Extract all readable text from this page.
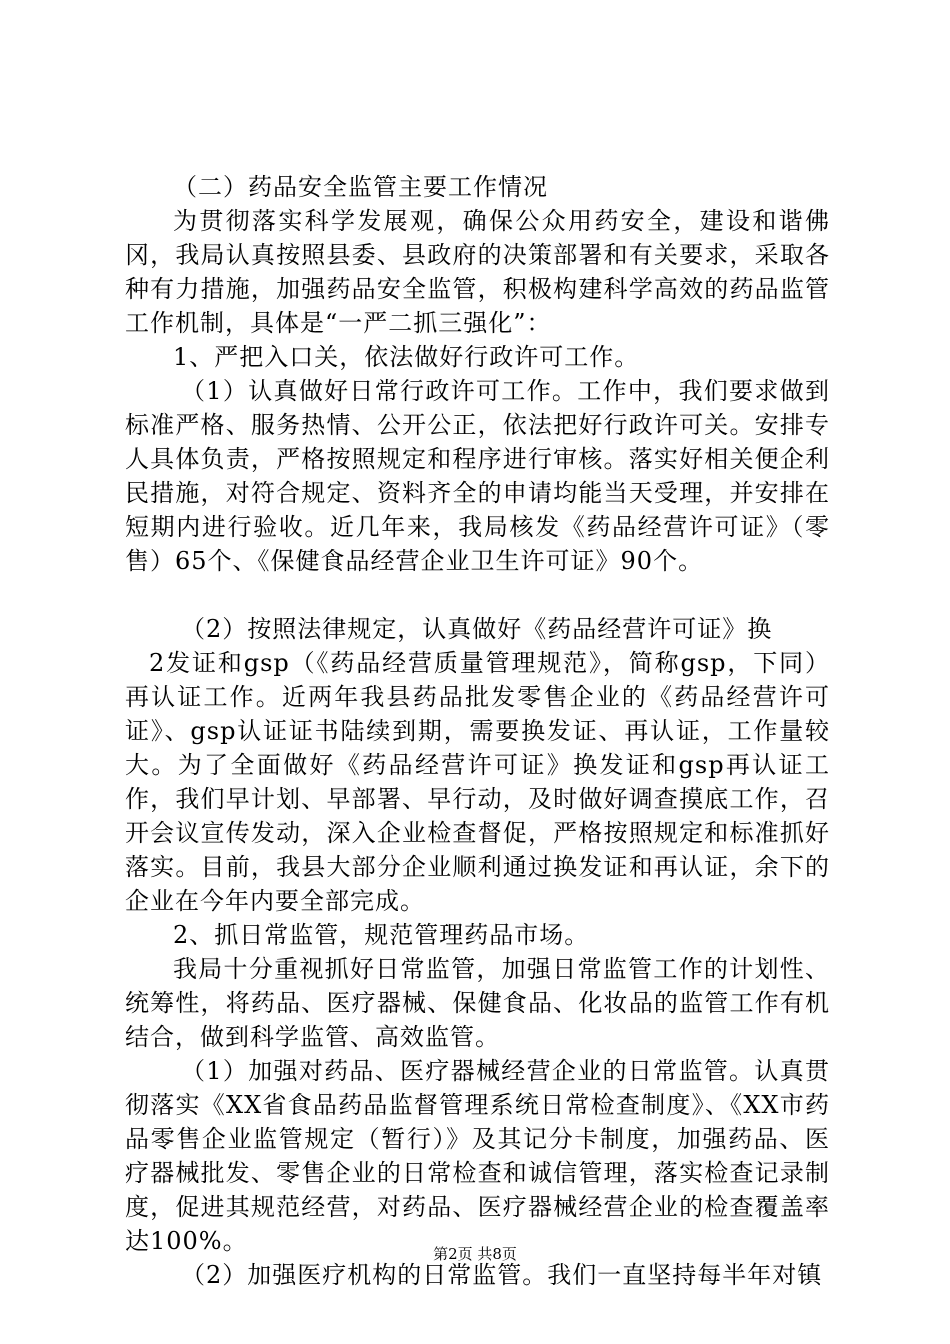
（二）药品安全监管主要工作情况

为贯彻落实科学发展观，确保公众用药安全，建设和谐佛冈，我局认真按照县委、县政府的决策部署和有关要求，采取各种有力措施，加强药品安全监管，积极构建科学高效的药品监管工作机制，具体是“一严二抓三强化”：

1、严把入口关，依法做好行政许可工作。

（1）认真做好日常行政许可工作。工作中，我们要求做到标准严格、服务热情、公开公正，依法把好行政许可关。安排专人具体负责，严格按照规定和程序进行审核。落实好相关便企利民措施，对符合规定、资料齐全的申请均能当天受理，并安排在短期内进行验收。近几年来，我局核发《药品经营许可证》（零售）65个、《保健食品经营企业卫生许可证》90个。

（2）按照法律规定，认真做好《药品经营许可证》换

2发证和gsp（《药品经营质量管理规范》，简称gsp，下同）再认证工作。近两年我县药品批发零售企业的《药品经营许可证》、gsp认证证书陆续到期，需要换发证、再认证，工作量较大。为了全面做好《药品经营许可证》换发证和gsp再认证工作，我们早计划、早部署、早行动，及时做好调查摸底工作，召开会议宣传发动，深入企业检查督促，严格按照规定和标准抓好落实。目前，我县大部分企业顺利通过换发证和再认证，余下的企业在今年内要全部完成。

2、抓日常监管，规范管理药品市场。

我局十分重视抓好日常监管，加强日常监管工作的计划性、统筹性，将药品、医疗器械、保健食品、化妆品的监管工作有机结合，做到科学监管、高效监管。

（1）加强对药品、医疗器械经营企业的日常监管。认真贯彻落实《XX省食品药品监督管理系统日常检查制度》、《XX市药品零售企业监管规定（暂行）》及其记分卡制度，加强药品、医疗器械批发、零售企业的日常检查和诚信管理，落实检查记录制度，促进其规范经营，对药品、医疗器械经营企业的检查覆盖率达100%。

（2）加强医疗机构的日常监管。我们一直坚持每半年对镇

第2页 共8页
